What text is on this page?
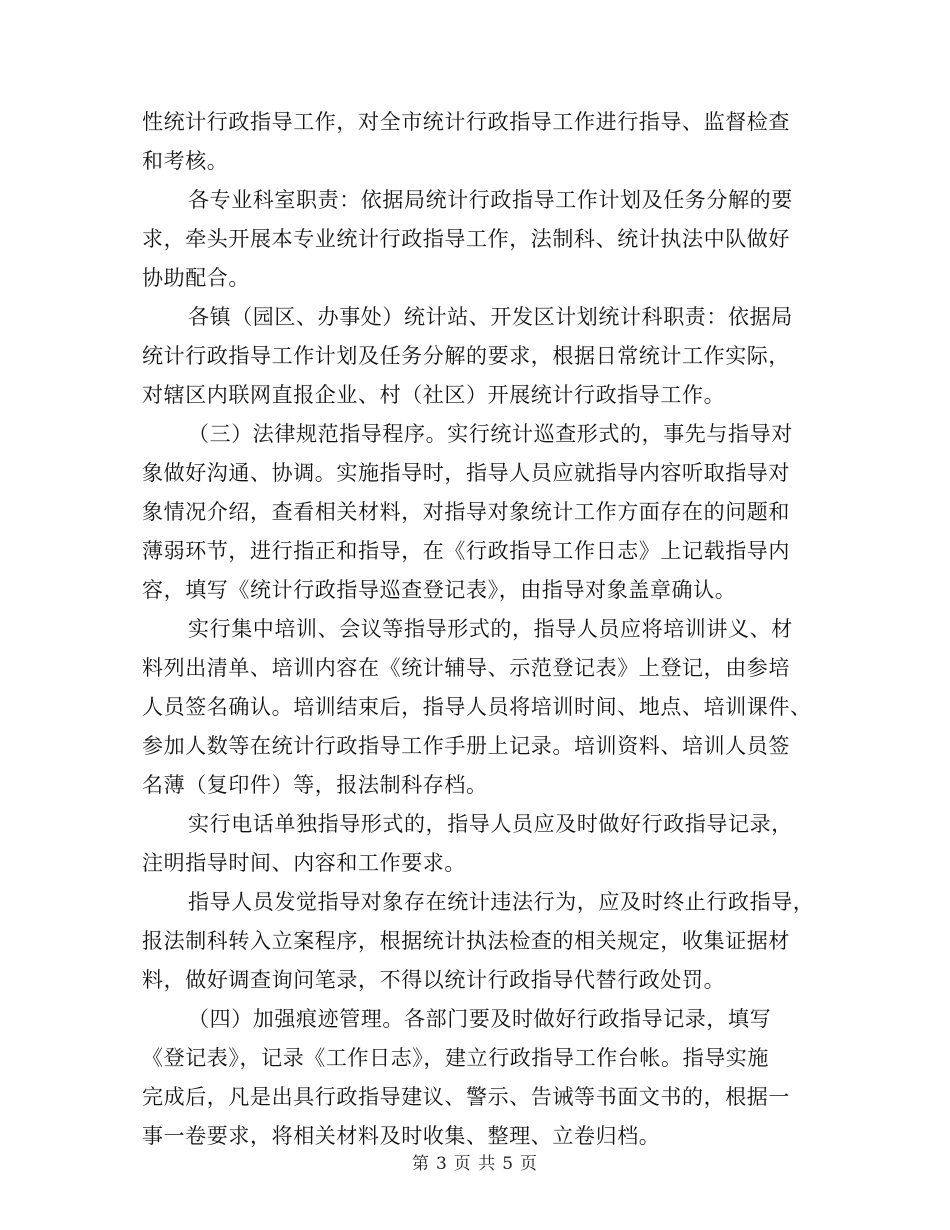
性统计行政指导工作，对全市统计行政指导工作进行指导、监督检查
和考核。

各专业科室职责：依据局统计行政指导工作计划及任务分解的要
求，牵头开展本专业统计行政指导工作，法制科、统计执法中队做好
协助配合。

各镇（园区、办事处）统计站、开发区计划统计科职责：依据局
统计行政指导工作计划及任务分解的要求，根据日常统计工作实际，
对辖区内联网直报企业、村（社区）开展统计行政指导工作。

（三）法律规范指导程序。实行统计巡查形式的，事先与指导对
象做好沟通、协调。实施指导时，指导人员应就指导内容听取指导对
象情况介绍，查看相关材料，对指导对象统计工作方面存在的问题和
薄弱环节，进行指正和指导，在《行政指导工作日志》上记载指导内
容，填写《统计行政指导巡查登记表》，由指导对象盖章确认。

实行集中培训、会议等指导形式的，指导人员应将培训讲义、材
料列出清单、培训内容在《统计辅导、示范登记表》上登记，由参培
人员签名确认。培训结束后，指导人员将培训时间、地点、培训课件、
参加人数等在统计行政指导工作手册上记录。培训资料、培训人员签
名薄（复印件）等，报法制科存档。

实行电话单独指导形式的，指导人员应及时做好行政指导记录，
注明指导时间、内容和工作要求。

指导人员发觉指导对象存在统计违法行为，应及时终止行政指导，
报法制科转入立案程序，根据统计执法检查的相关规定，收集证据材
料，做好调查询问笔录，不得以统计行政指导代替行政处罚。

（四）加强痕迹管理。各部门要及时做好行政指导记录，填写
《登记表》，记录《工作日志》，建立行政指导工作台帐。指导实施
完成后，凡是出具行政指导建议、警示、告诫等书面文书的，根据一
事一卷要求，将相关材料及时收集、整理、立卷归档。

第 3 页 共 5 页
